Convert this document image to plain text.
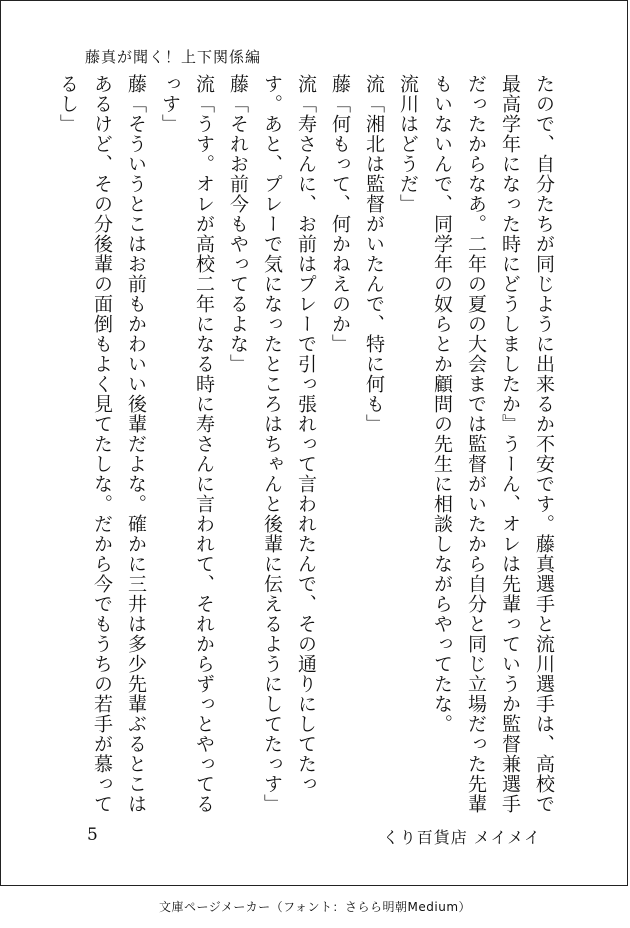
藤真が聞く！上下関係編
たので、自分たちが同じように出来るか不安です。藤真選手と流川選手は、高校で最高学年になった時にどうしましたか』うーん、オレは先輩っていうか監督兼選手だったからなあ。二年の夏の大会までは監督がいたから自分と同じ立場だった先輩もいないんで、同学年の奴らとか顧問の先生に相談しながらやってたな。
流川はどうだ」
流「湘北は監督がいたんで、特に何も」
藤「何もって、何かねえのか」
流「寿さんに、お前はプレーで引っ張れって言われたんで、その通りにしてたっす。あと、プレーで気になったところはちゃんと後輩に伝えるようにしてたっす」
藤「それお前今もやってるよな」
流「うす。オレが高校二年になる時に寿さんに言われて、それからずっとやってるっす」
藤「そういうとこはお前もかわいい後輩だよな。確かに三井は多少先輩ぶるとこはあるけど、その分後輩の面倒もよく見てたしな。だから今でもうちの若手が慕ってるし」
5	くり百貨店 メイメイ
文庫ページメーカー（フォント：さらら明朝Medium）
